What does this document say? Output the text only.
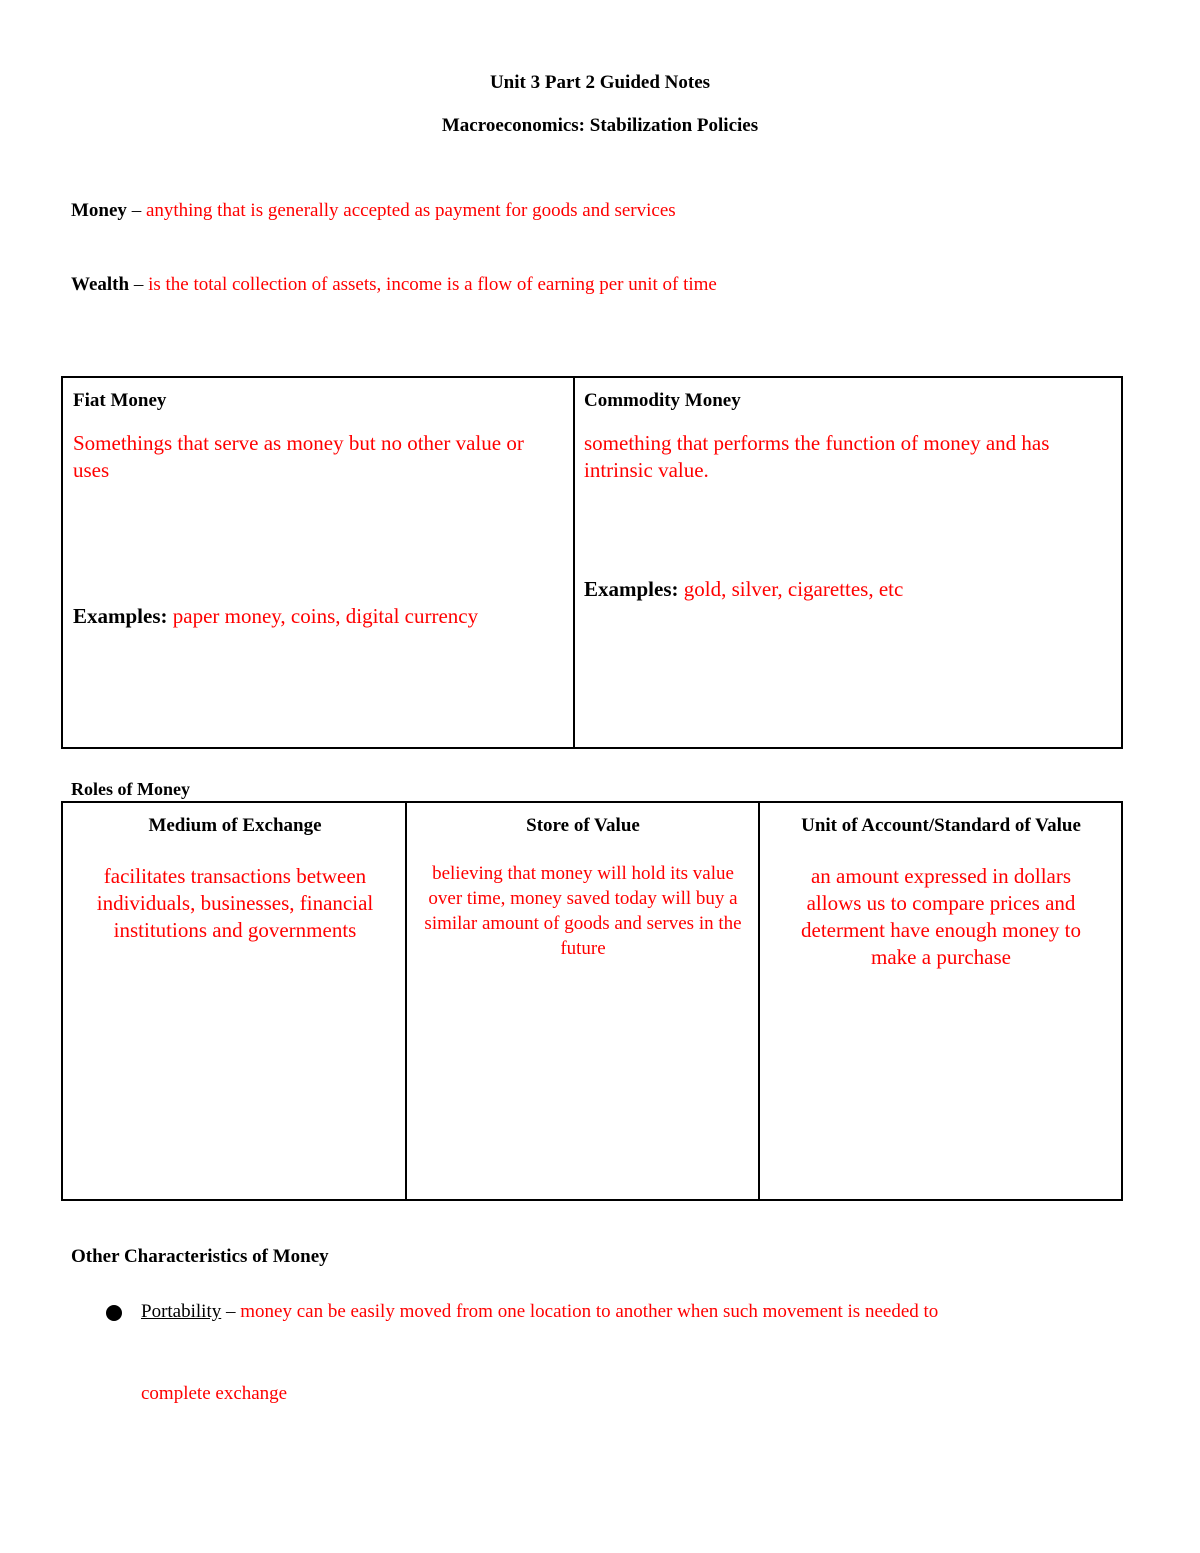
Unit 3 Part 2 Guided Notes
Macroeconomics: Stabilization Policies
Money – anything that is generally accepted as payment for goods and services
Wealth – is the total collection of assets, income is a flow of earning per unit of time
Fiat Money
Somethings that serve as money but no other value or uses
Examples: paper money, coins, digital currency
Commodity Money
something that performs the function of money and has intrinsic value.
Examples: gold, silver, cigarettes, etc
Roles of Money
Medium of Exchange
facilitates transactions between individuals, businesses, financial institutions and governments
Store of Value
believing that money will hold its value over time, money saved today will buy a similar amount of goods and serves in the future
Unit of Account/Standard of Value
an amount expressed in dollars allows us to compare prices and determent have enough money to make a purchase
Other Characteristics of Money
Portability – money can be easily moved from one location to another when such movement is needed to
complete exchange
